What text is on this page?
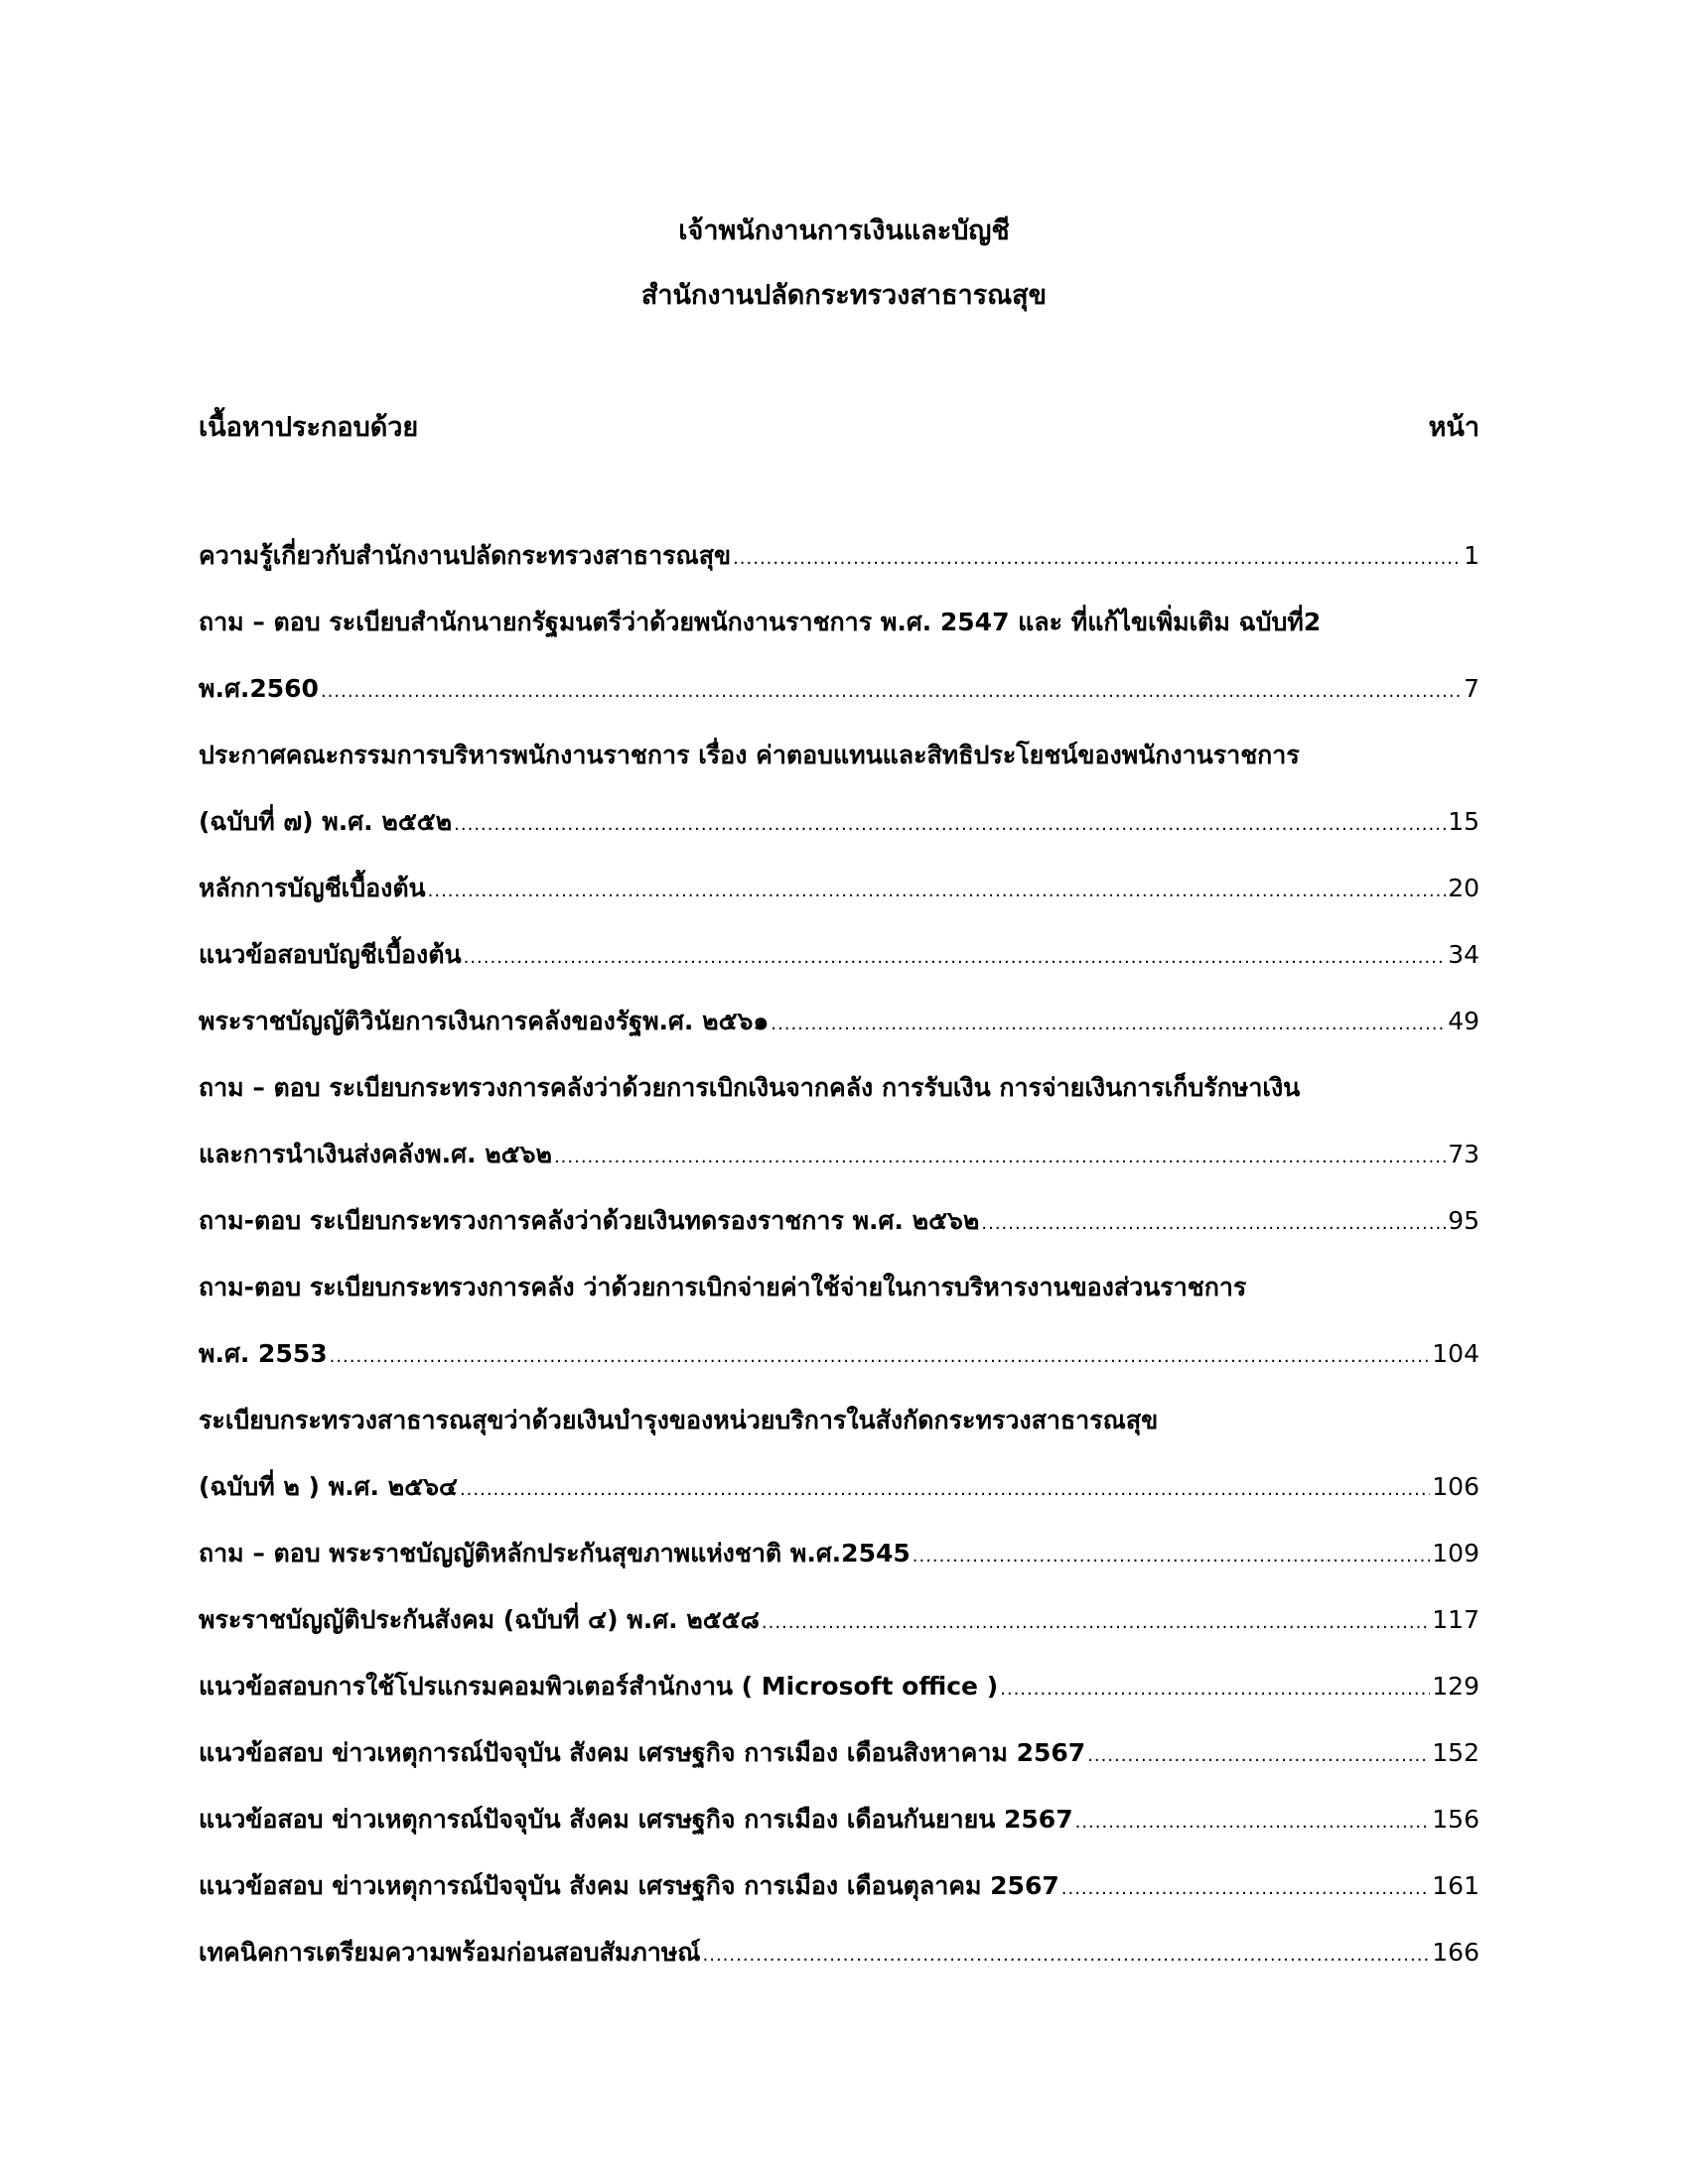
เจ้าพนักงานการเงินและบัญชี
สำนักงานปลัดกระทรวงสาธารณสุข
เนื้อหาประกอบด้วย	หน้า
ความรู้เกี่ยวกับสำนักงานปลัดกระทรวงสาธารณสุข .....	1
ถาม – ตอบ ระเบียบสำนักนายกรัฐมนตรีว่าด้วยพนักงานราชการ พ.ศ. 2547 และ ที่แก้ไขเพิ่มเติม ฉบับที่2
พ.ศ.2560 .....	7
ประกาศคณะกรรมการบริหารพนักงานราชการ เรื่อง ค่าตอบแทนและสิทธิประโยชน์ของพนักงานราชการ
(ฉบับที่ ๗) พ.ศ. ๒๕๕๒ .....	15
หลักการบัญชีเบื้องต้น .....	20
แนวข้อสอบบัญชีเบื้องต้น .....	34
พระราชบัญญัติวินัยการเงินการคลังของรัฐพ.ศ. ๒๕๖๑ .....	49
ถาม – ตอบ ระเบียบกระทรวงการคลังว่าด้วยการเบิกเงินจากคลัง การรับเงิน การจ่ายเงินการเก็บรักษาเงิน
และการนำเงินส่งคลังพ.ศ. ๒๕๖๒ .....	73
ถาม-ตอบ ระเบียบกระทรวงการคลังว่าด้วยเงินทดรองราชการ พ.ศ. ๒๕๖๒ .....	95
ถาม-ตอบ ระเบียบกระทรวงการคลัง ว่าด้วยการเบิกจ่ายค่าใช้จ่ายในการบริหารงานของส่วนราชการ
พ.ศ. 2553 .....	104
ระเบียบกระทรวงสาธารณสุขว่าด้วยเงินบำรุงของหน่วยบริการในสังกัดกระทรวงสาธารณสุข
(ฉบับที่ ๒ ) พ.ศ. ๒๕๖๔ .....	106
ถาม – ตอบ พระราชบัญญัติหลักประกันสุขภาพแห่งชาติ พ.ศ.2545 .....	109
พระราชบัญญัติประกันสังคม (ฉบับที่ ๔) พ.ศ. ๒๕๕๘ .....	117
แนวข้อสอบการใช้โปรแกรมคอมพิวเตอร์สำนักงาน ( Microsoft office ) .....	129
แนวข้อสอบ ข่าวเหตุการณ์ปัจจุบัน สังคม เศรษฐกิจ การเมือง เดือนสิงหาคาม 2567 .....	152
แนวข้อสอบ ข่าวเหตุการณ์ปัจจุบัน สังคม เศรษฐกิจ การเมือง เดือนกันยายน 2567 .....	156
แนวข้อสอบ ข่าวเหตุการณ์ปัจจุบัน สังคม เศรษฐกิจ การเมือง เดือนตุลาคม 2567 .....	161
เทคนิคการเตรียมความพร้อมก่อนสอบสัมภาษณ์ .....	166
